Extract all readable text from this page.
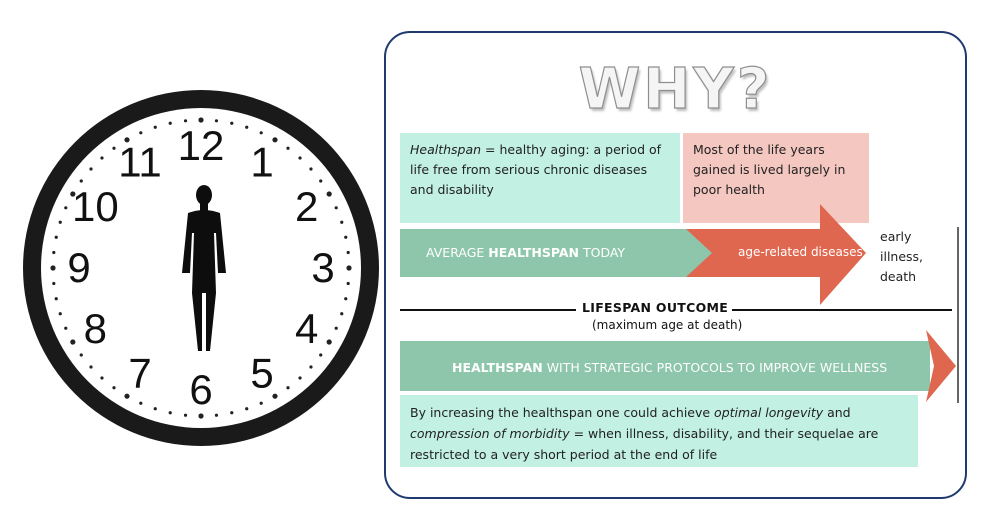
12 1
2
3
4
5
6
7
8
9
10
11
WHY?
Healthspan = healthy aging: a period of life free from serious chronic diseases and disability
Most of the life years gained is lived largely in poor health
AVERAGE HEALTHSPAN TODAY	age-related diseases
early
illness,
death
LIFESPAN OUTCOME
(maximum age at death)
HEALTHSPAN WITH STRATEGIC PROTOCOLS TO IMPROVE WELLNESS
By increasing the healthspan one could achieve optimal longevity and compression of morbidity = when illness, disability, and their sequelae are restricted to a very short period at the end of life
